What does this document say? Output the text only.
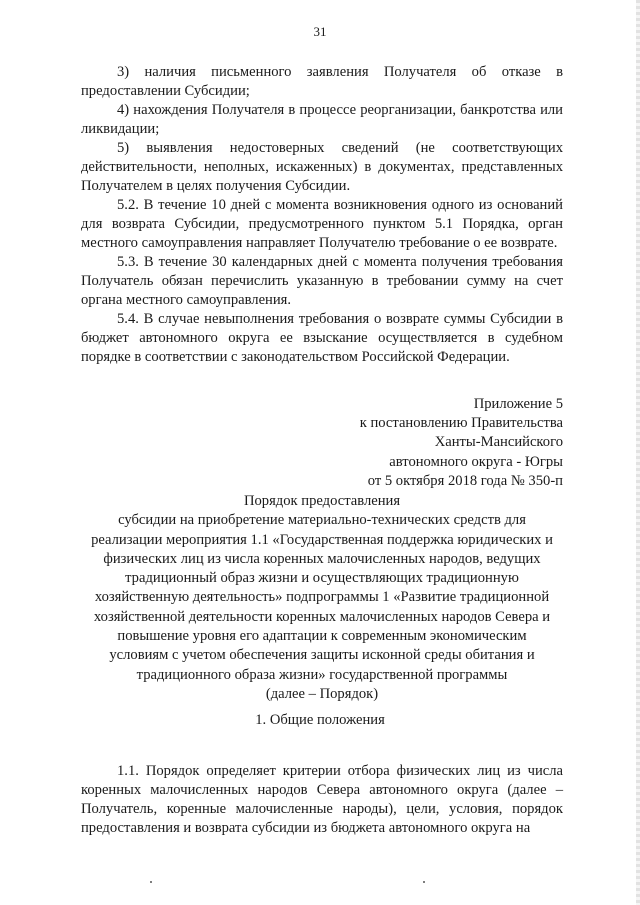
31

3) наличия письменного заявления Получателя об отказе в предоставлении Субсидии;

4) нахождения Получателя в процессе реорганизации, банкротства или ликвидации;

5) выявления недостоверных сведений (не соответствующих действительности, неполных, искаженных) в документах, представленных Получателем в целях получения Субсидии.

5.2. В течение 10 дней с момента возникновения одного из оснований для возврата Субсидии, предусмотренного пунктом 5.1 Порядка, орган местного самоуправления направляет Получателю требование о ее возврате.

5.3. В течение 30 календарных дней с момента получения требования Получатель обязан перечислить указанную в требовании сумму на счет органа местного самоуправления.

5.4. В случае невыполнения требования о возврате суммы Субсидии в бюджет автономного округа ее взыскание осуществляется в судебном порядке в соответствии с законодательством Российской Федерации.

Приложение 5
к постановлению Правительства
Ханты-Мансийского
автономного округа - Югры
от 5 октября 2018 года № 350-п
Порядок предоставления
субсидии на приобретение материально-технических средств для
реализации мероприятия 1.1 «Государственная поддержка юридических и
физических лиц из числа коренных малочисленных народов, ведущих
традиционный образ жизни и осуществляющих традиционную
хозяйственную деятельность» подпрограммы 1 «Развитие традиционной
хозяйственной деятельности коренных малочисленных народов Севера и
повышение уровня его адаптации к современным экономическим
условиям с учетом обеспечения защиты исконной среды обитания и
традиционного образа жизни» государственной программы
(далее – Порядок)
1. Общие положения

1.1. Порядок определяет критерии отбора физических лиц из числа коренных малочисленных народов Севера автономного округа (далее – Получатель, коренные малочисленные народы), цели, условия, порядок предоставления и возврата субсидии из бюджета автономного округа на
